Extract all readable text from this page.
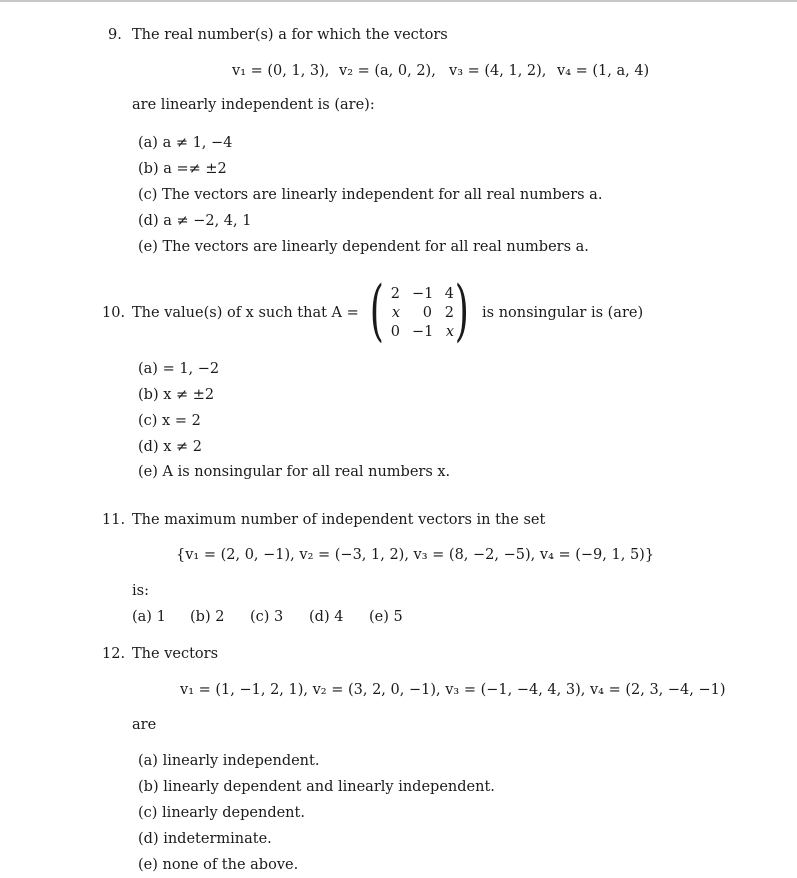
9. The real number(s) a for which the vectors
v₁ = (0, 1, 3), v₂ = (a, 0, 2), v₃ = (4, 1, 2), v₄ = (1, a, 4)
are linearly independent is (are):
(a) a ≠ 1, −4
(b) a =≠ ±2
(c) The vectors are linearly independent for all real numbers a.
(d) a ≠ −2, 4, 1
(e) The vectors are linearly dependent for all real numbers a.
10. The value(s) of x such that A = ( )
2 −1 4
x	0 2
0 −1 x
is nonsingular is (are)
(a) = 1, −2
(b) x ≠ ±2
(c) x = 2
(d) x ≠ 2
(e) A is nonsingular for all real numbers x.
11. The maximum number of independent vectors in the set
{v₁ = (2, 0, −1), v₂ = (−3, 1, 2), v₃ = (8, −2, −5), v₄ = (−9, 1, 5)}
is:
(a) 1 (b) 2 (c) 3 (d) 4 (e) 5
12. The vectors
v₁ = (1, −1, 2, 1), v₂ = (3, 2, 0, −1), v₃ = (−1, −4, 4, 3), v₄ = (2, 3, −4, −1)
are
(a) linearly independent.
(b) linearly dependent and linearly independent.
(c) linearly dependent.
(d) indeterminate.
(e) none of the above.
